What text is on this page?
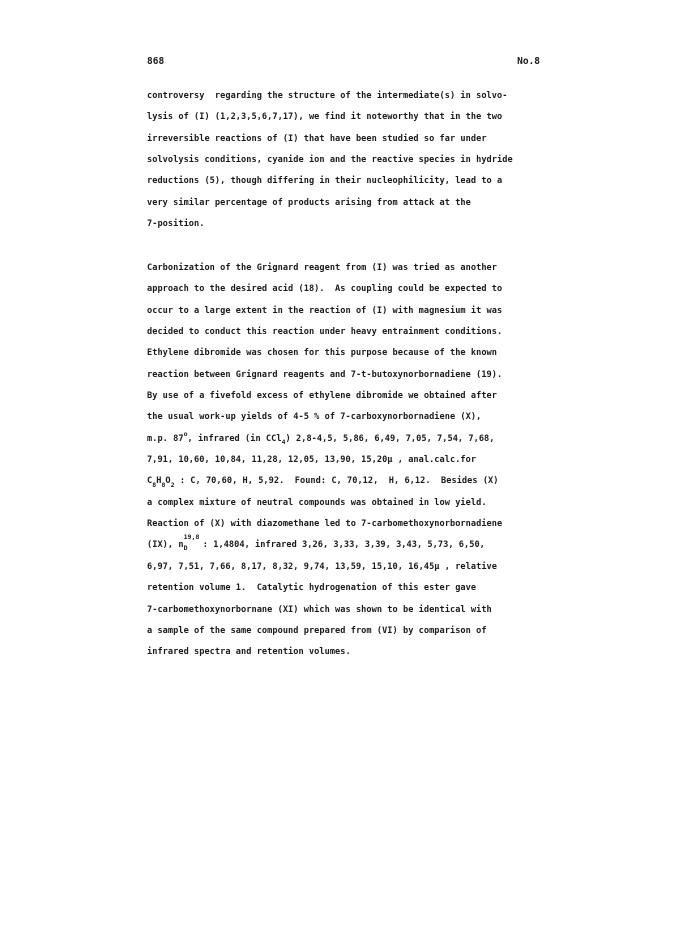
868	No.8
controversy  regarding the structure of the intermediate(s) in solvo-
lysis of (I) (1,2,3,5,6,7,17), we find it noteworthy that in the two
irreversible reactions of (I) that have been studied so far under
solvolysis conditions, cyanide ion and the reactive species in hydride
reductions (5), though differing in their nucleophilicity, lead to a
very similar percentage of products arising from attack at the
7-position.
Carbonization of the Grignard reagent from (I) was tried as another
approach to the desired acid (18).  As coupling could be expected to
occur to a large extent in the reaction of (I) with magnesium it was
decided to conduct this reaction under heavy entrainment conditions.
Ethylene dibromide was chosen for this purpose because of the known
reaction between Grignard reagents and 7-t-butoxynorbornadiene (19).
By use of a fivefold excess of ethylene dibromide we obtained after
the usual work-up yields of 4-5 % of 7-carboxynorbornadiene (X),
m.p. 87$^o$, infrared (in CCl$_4$) 2,8-4,5, 5,86, 6,49, 7,05, 7,54, 7,68,
7,91, 10,60, 10,84, 11,28, 12,05, 13,90, 15,20µ , anal.calc.for
$C_8H_8O_2$ : C, 70,60, H, 5,92.  Found: C, 70,12,  H, 6,12.  Besides (X)
a complex mixture of neutral compounds was obtained in low yield.
Reaction of (X) with diazomethane led to 7-carbomethoxynorbornadiene
(IX), n
19,8
D : 1,4804, infrared 3,26, 3,33, 3,39, 3,43, 5,73, 6,50,
6,97, 7,51, 7,66, 8,17, 8,32, 9,74, 13,59, 15,10, 16,45µ , relative
retention volume 1.  Catalytic hydrogenation of this ester gave
7-carbomethoxynorbornane (XI) which was shown to be identical with
a sample of the same compound prepared from (VI) by comparison of
infrared spectra and retention volumes.
